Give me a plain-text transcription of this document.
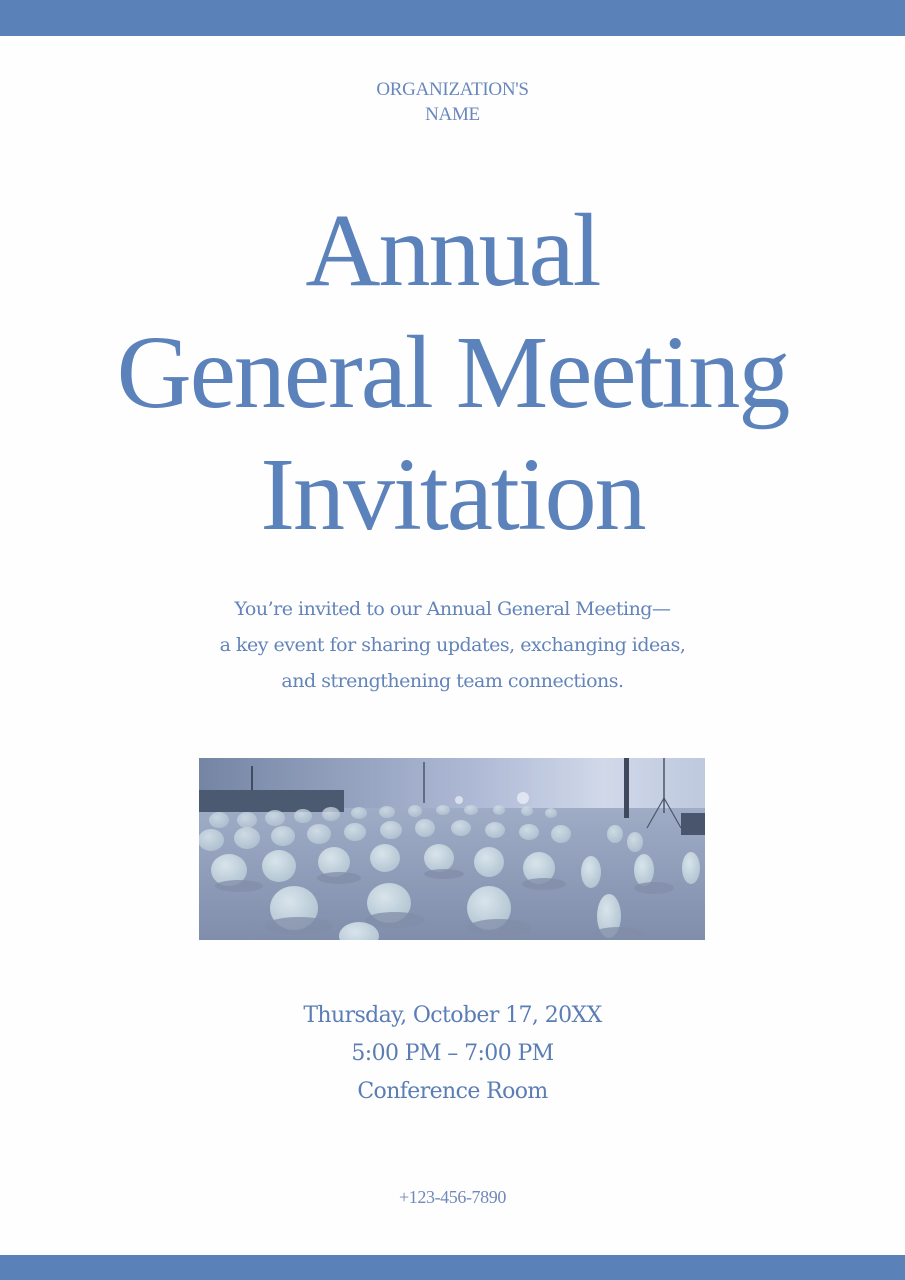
ORGANIZATION'S
NAME
Annual
General Meeting
Invitation
You’re invited to our Annual General Meeting—
a key event for sharing updates, exchanging ideas,
and strengthening team connections.
Thursday, October 17, 20XX
5:00 PM – 7:00 PM
Conference Room
+123-456-7890
